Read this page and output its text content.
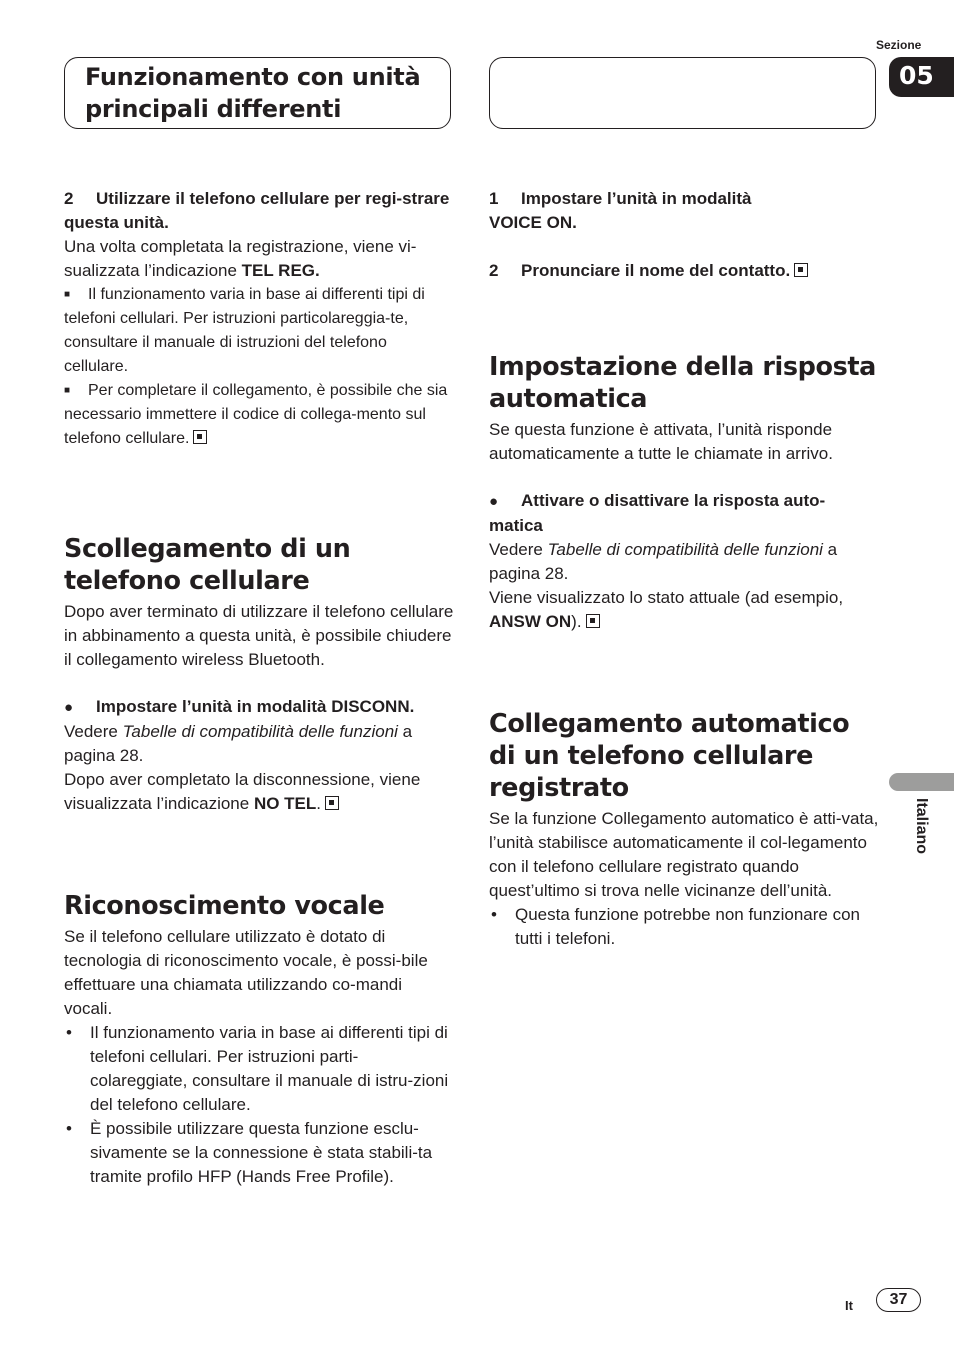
Sezione
05
Funzionamento con unità
principali differenti
Italiano

2 Utilizzare il telefono cellulare per regi-strare questa unità.

Una volta completata la registrazione, viene vi-sualizzata l’indicazione TEL REG.

■ Il funzionamento varia in base ai differenti tipi di telefoni cellulari. Per istruzioni particolareggia-te, consultare il manuale di istruzioni del telefono cellulare.

■ Per completare il collegamento, è possibile che sia necessario immettere il codice di collega-mento sul telefono cellulare.

Scollegamento di un telefono cellulare

Dopo aver terminato di utilizzare il telefono cellulare in abbinamento a questa unità, è possibile chiudere il collegamento wireless Bluetooth.

● Impostare l’unità in modalità DISCONN.

Vedere Tabelle di compatibilità delle funzioni a pagina 28.

Dopo aver completato la disconnessione, viene visualizzata l’indicazione NO TEL.

Riconoscimento vocale

Se il telefono cellulare utilizzato è dotato di tecnologia di riconoscimento vocale, è possi-bile effettuare una chiamata utilizzando co-mandi vocali.

• Il funzionamento varia in base ai differenti tipi di telefoni cellulari. Per istruzioni parti-colareggiate, consultare il manuale di istru-zioni del telefono cellulare.

• È possibile utilizzare questa funzione esclu-sivamente se la connessione è stata stabili-ta tramite profilo HFP (Hands Free Profile).

1 Impostare l’unità in modalità VOICE ON.

2 Pronunciare il nome del contatto.

Impostazione della risposta automatica

Se questa funzione è attivata, l’unità risponde automaticamente a tutte le chiamate in arrivo.

● Attivare o disattivare la risposta auto-matica

Vedere Tabelle di compatibilità delle funzioni a pagina 28.

Viene visualizzato lo stato attuale (ad esempio, ANSW ON).

Collegamento automatico di un telefono cellulare registrato

Se la funzione Collegamento automatico è atti-vata, l’unità stabilisce automaticamente il col-legamento con il telefono cellulare registrato quando quest’ultimo si trova nelle vicinanze dell’unità.

• Questa funzione potrebbe non funzionare con tutti i telefoni.

It	37
